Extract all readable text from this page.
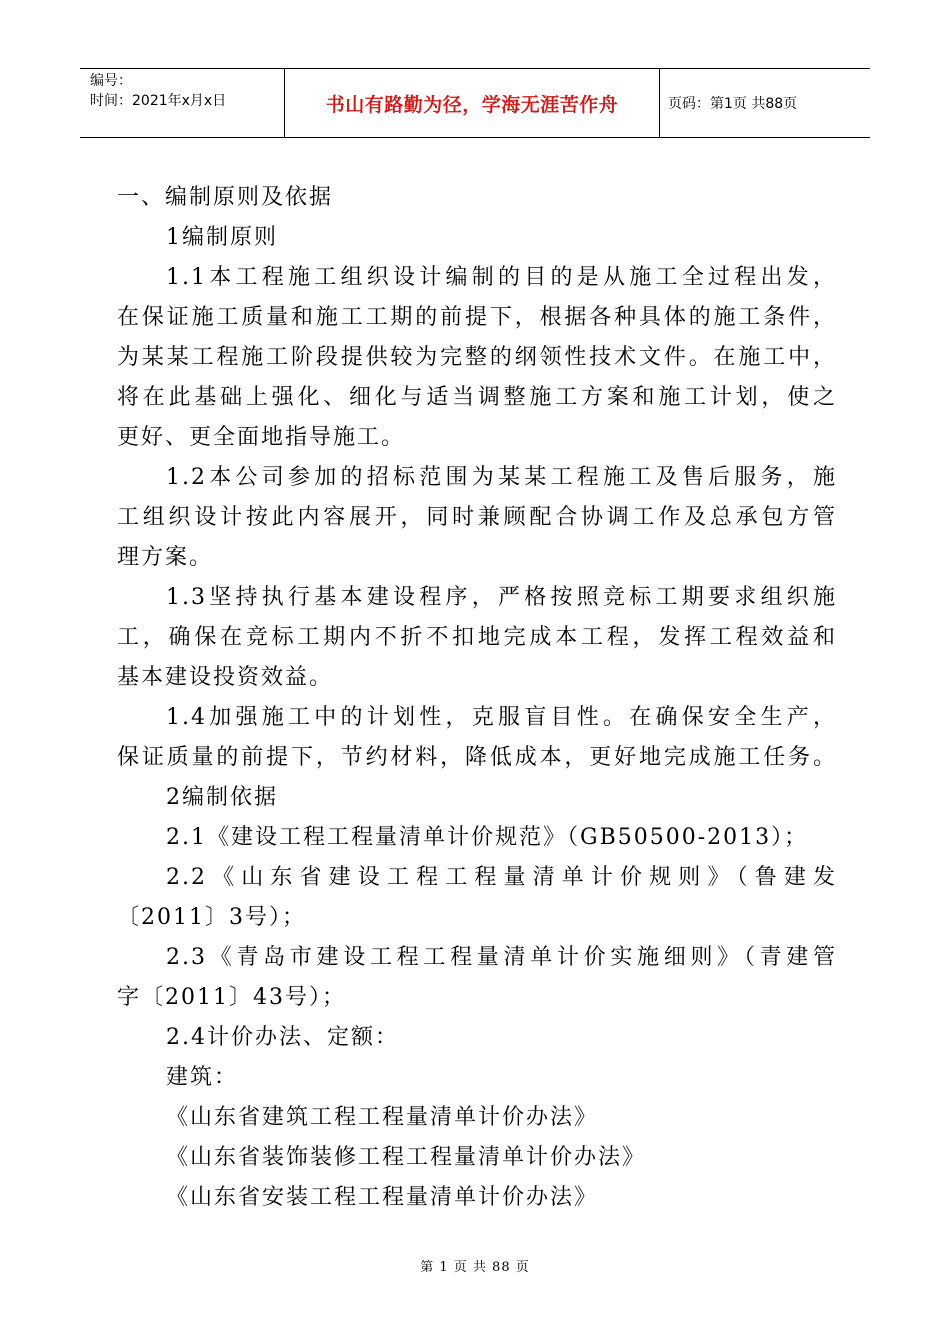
编号：
时间：2021年x月x日	书山有路勤为径，学海无涯苦作舟	页码：第1页 共88页
一、编制原则及依据
1编制原则
1.1本工程施工组织设计编制的目的是从施工全过程出发，
在保证施工质量和施工工期的前提下，根据各种具体的施工条件，
为某某工程施工阶段提供较为完整的纲领性技术文件。在施工中，
将在此基础上强化、细化与适当调整施工方案和施工计划，使之
更好、更全面地指导施工。
1.2本公司参加的招标范围为某某工程施工及售后服务，施
工组织设计按此内容展开，同时兼顾配合协调工作及总承包方管
理方案。
1.3坚持执行基本建设程序，严格按照竞标工期要求组织施
工，确保在竞标工期内不折不扣地完成本工程，发挥工程效益和
基本建设投资效益。
1.4加强施工中的计划性，克服盲目性。在确保安全生产，
保证质量的前提下，节约材料，降低成本，更好地完成施工任务。
2编制依据
2.1《建设工程工程量清单计价规范》（GB50500-2013）；
2.2《山东省建设工程工程量清单计价规则》（鲁建发
〔2011〕3号）；
2.3《青岛市建设工程工程量清单计价实施细则》（青建管
字〔2011〕43号）；
2.4计价办法、定额：
建筑：
《山东省建筑工程工程量清单计价办法》
《山东省装饰装修工程工程量清单计价办法》
《山东省安装工程工程量清单计价办法》
第 1 页 共 88 页
